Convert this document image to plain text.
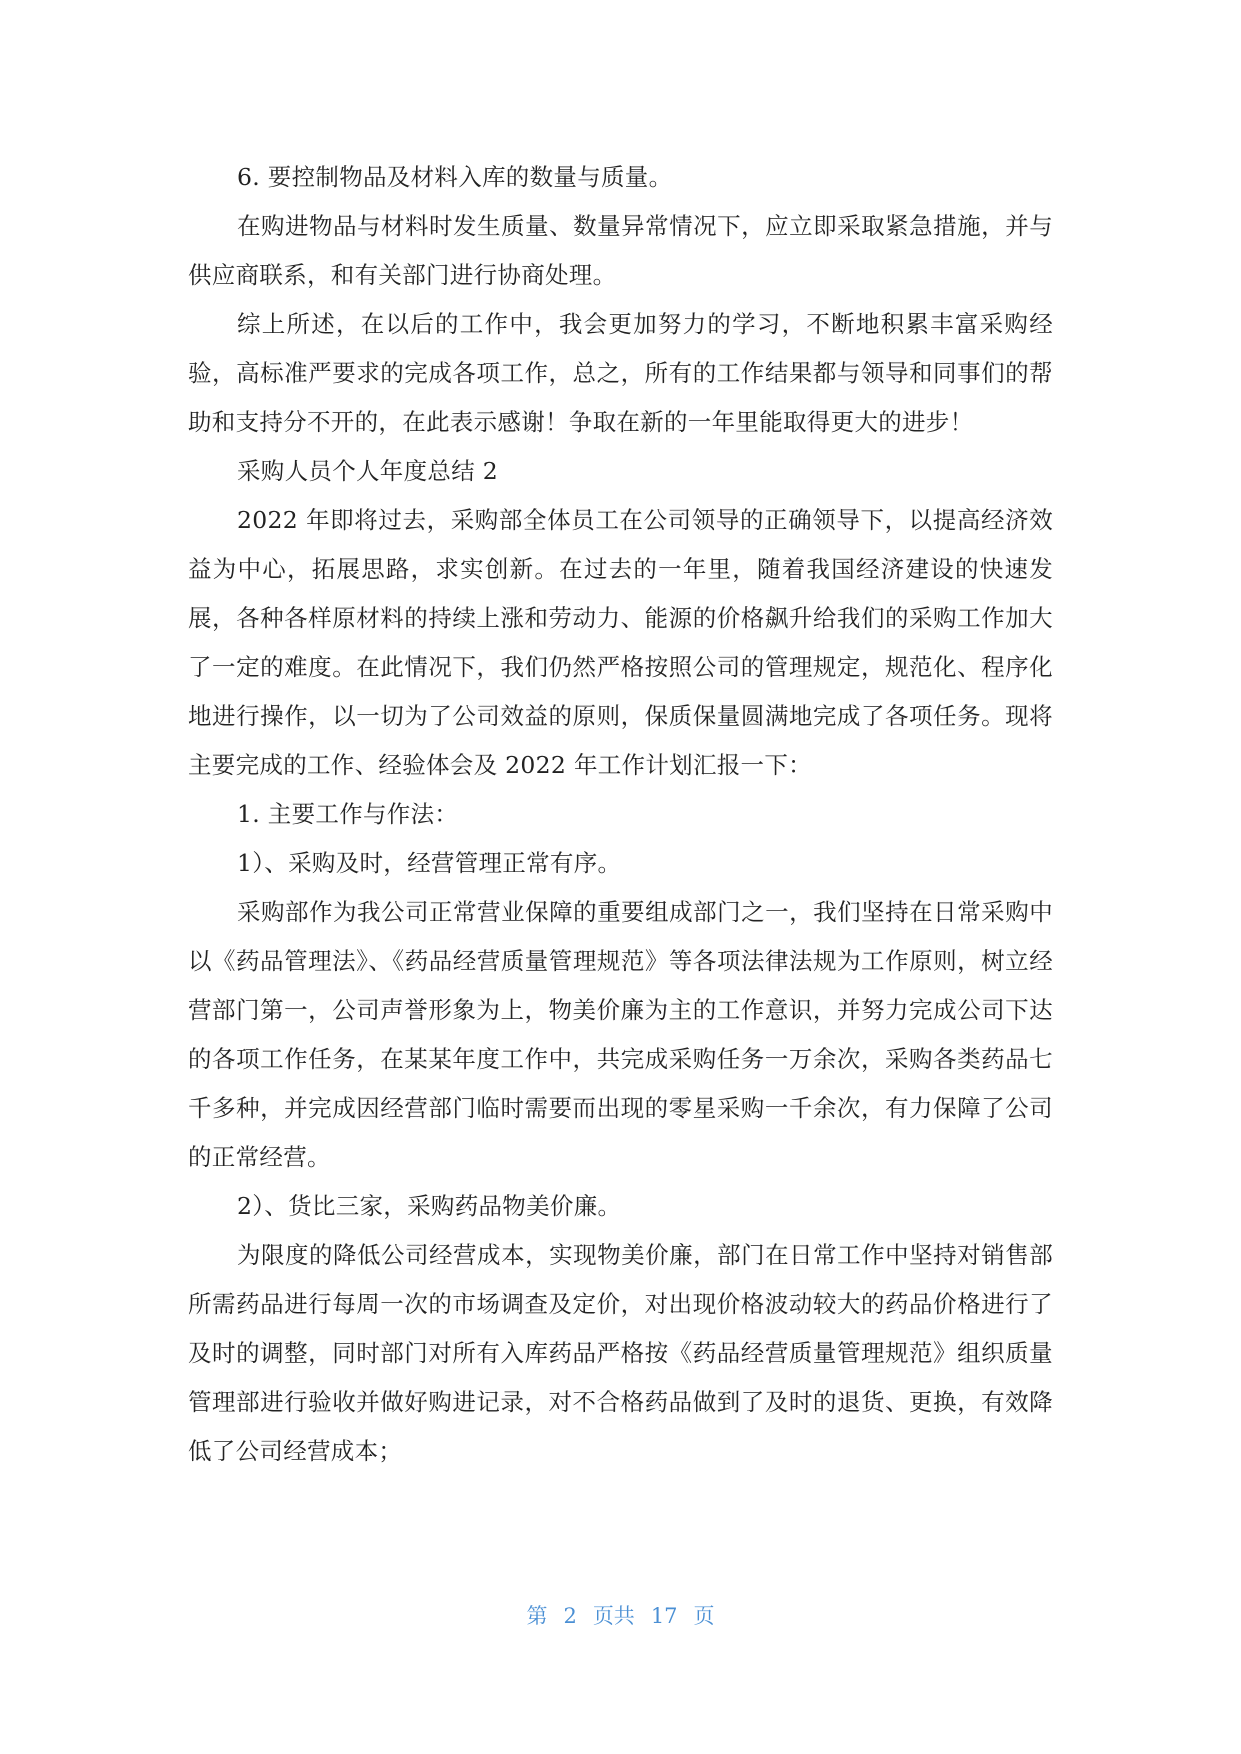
6. 要控制物品及材料入库的数量与质量。

在购进物品与材料时发生质量、数量异常情况下，应立即采取紧急措施，并与供应商联系，和有关部门进行协商处理。

综上所述，在以后的工作中，我会更加努力的学习，不断地积累丰富采购经验，高标准严要求的完成各项工作，总之，所有的工作结果都与领导和同事们的帮助和支持分不开的，在此表示感谢！争取在新的一年里能取得更大的进步！

采购人员个人年度总结 2

2022 年即将过去，采购部全体员工在公司领导的正确领导下，以提高经济效益为中心，拓展思路，求实创新。在过去的一年里，随着我国经济建设的快速发展，各种各样原材料的持续上涨和劳动力、能源的价格飙升给我们的采购工作加大了一定的难度。在此情况下，我们仍然严格按照公司的管理规定，规范化、程序化地进行操作，以一切为了公司效益的原则，保质保量圆满地完成了各项任务。现将主要完成的工作、经验体会及 2022 年工作计划汇报一下：

1. 主要工作与作法：

1）、采购及时，经营管理正常有序。

采购部作为我公司正常营业保障的重要组成部门之一，我们坚持在日常采购中以《药品管理法》、《药品经营质量管理规范》等各项法律法规为工作原则，树立经营部门第一，公司声誉形象为上，物美价廉为主的工作意识，并努力完成公司下达的各项工作任务，在某某年度工作中，共完成采购任务一万余次，采购各类药品七千多种，并完成因经营部门临时需要而出现的零星采购一千余次，有力保障了公司的正常经营。

2）、货比三家，采购药品物美价廉。

为限度的降低公司经营成本，实现物美价廉，部门在日常工作中坚持对销售部所需药品进行每周一次的市场调查及定价，对出现价格波动较大的药品价格进行了及时的调整，同时部门对所有入库药品严格按《药品经营质量管理规范》组织质量管理部进行验收并做好购进记录，对不合格药品做到了及时的退货、更换，有效降低了公司经营成本；

第 2 页共 17 页
